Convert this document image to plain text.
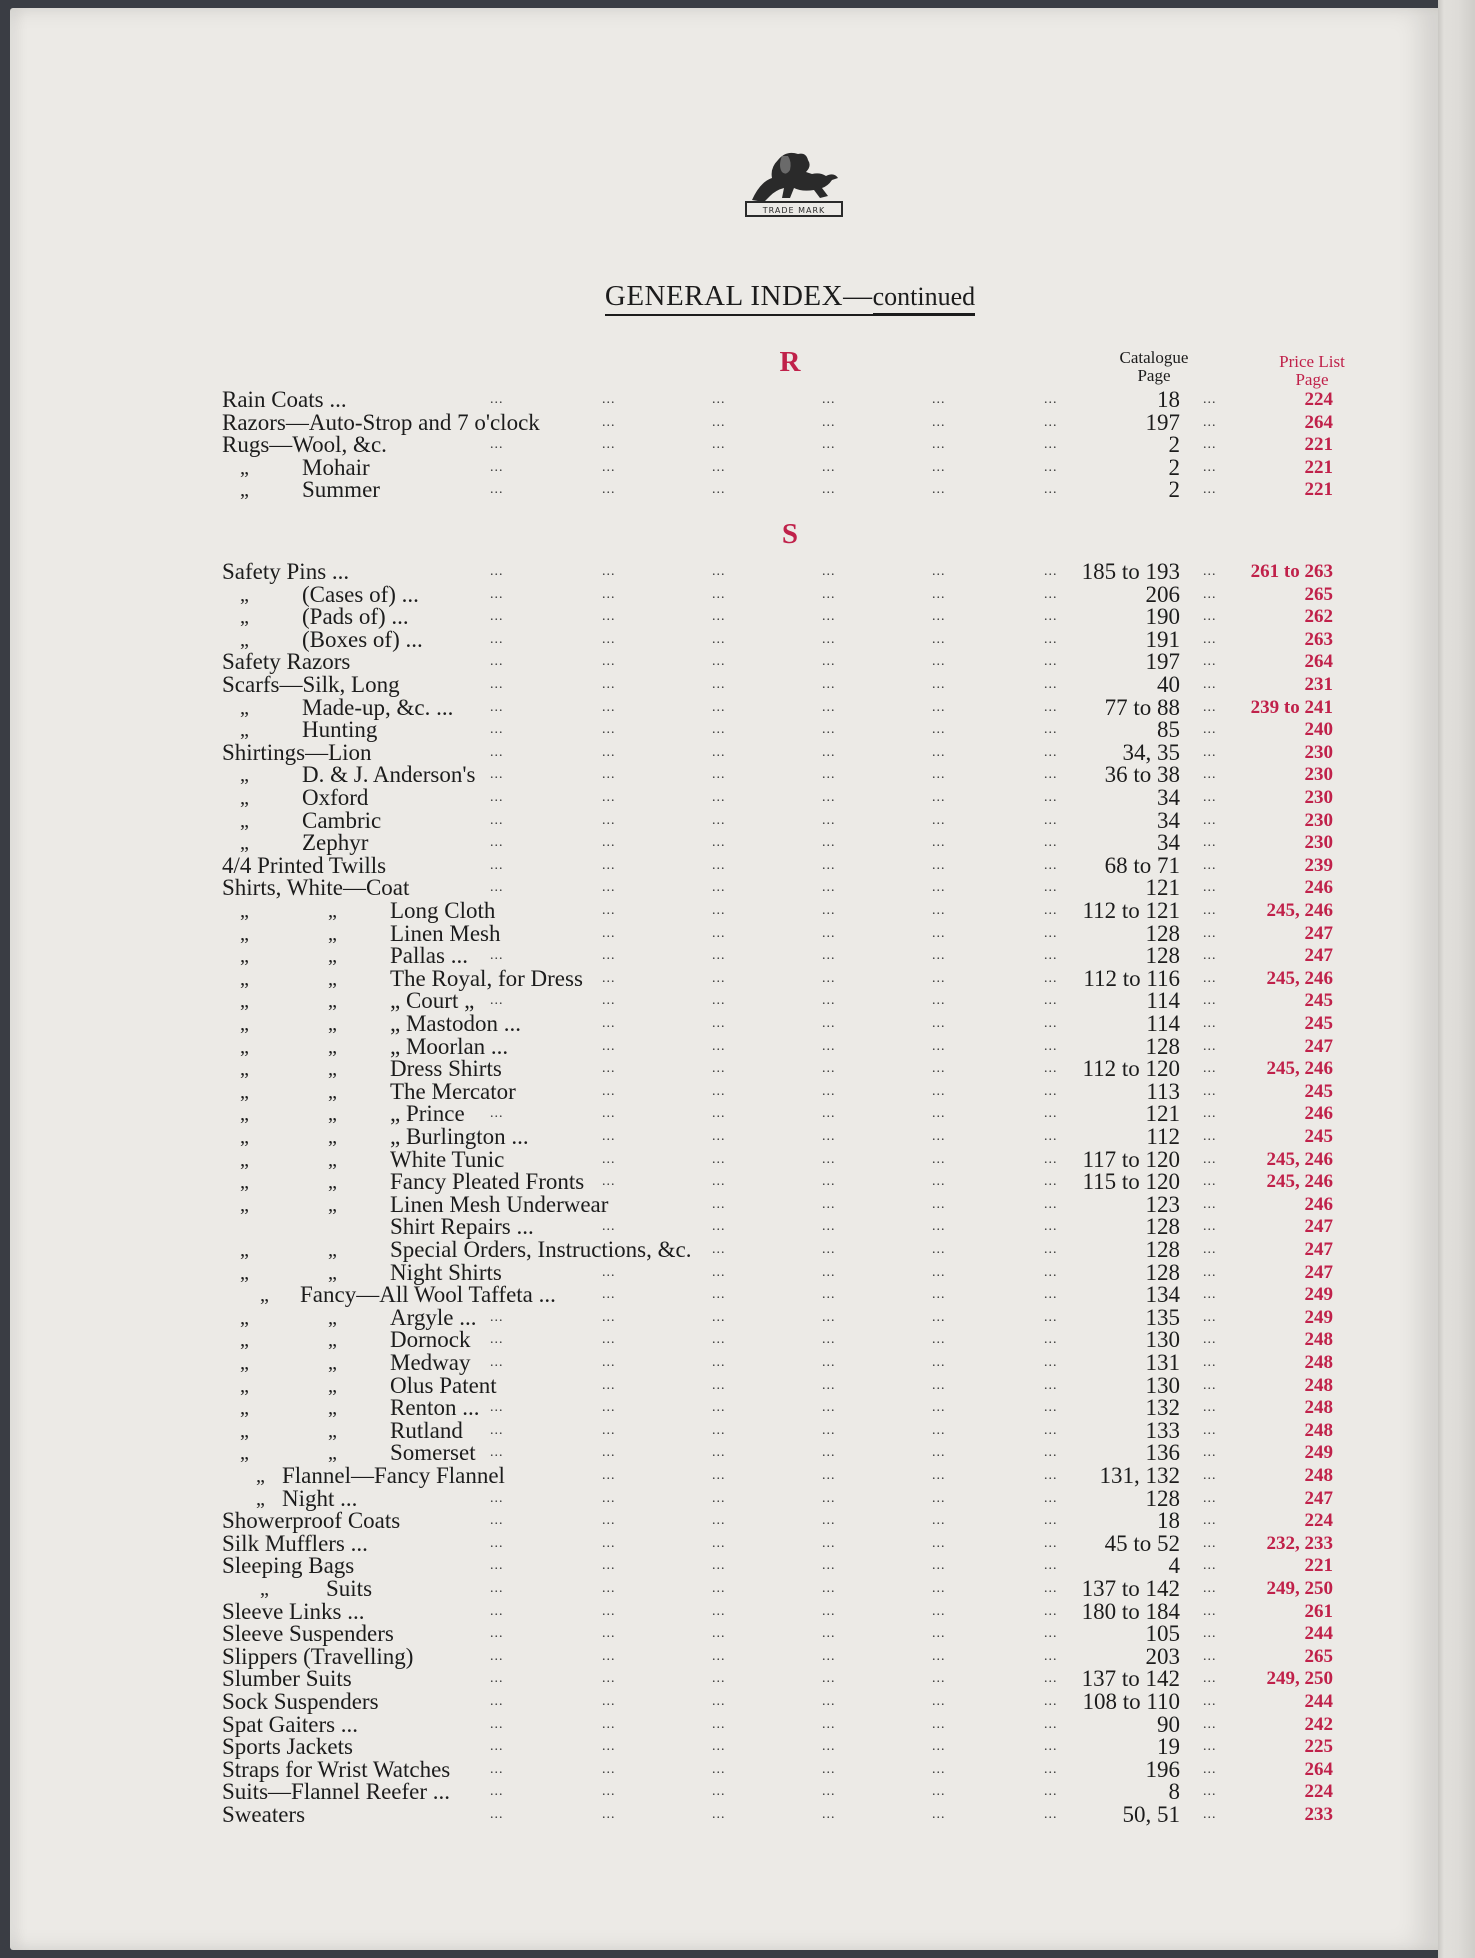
TRADE MARK
GENERAL INDEX—continued
Catalogue
Page
Price List
Page
R
Rain Coats ...	...	...	...	...	...	...	18 ...	224
Razors—Auto-Strop and 7 o'clock	...	...	...	...	...	197 ...	264
Rugs—Wool, &c.	...	...	...	...	...	...	2 ...	221
„ Mohair	...	...	...	...	...	...	2 ...	221
„ Summer	...	...	...	...	...	...	2 ...	221
S
Safety Pins ...	...	...	...	...	...	... 185 to 193 ... 261 to 263
„ (Cases of) ...	...	...	...	...	...	...	206 ...	265
„ (Pads of) ...	...	...	...	...	...	...	190 ...	262
„ (Boxes of) ...	...	...	...	...	...	...	191 ...	263
Safety Razors	...	...	...	...	...	...	197 ...	264
Scarfs—Silk, Long	...	...	...	...	...	...	40 ...	231
„ Made-up, &c. ...	...	...	...	...	...	... 77 to 88 ... 239 to 241
„ Hunting	...	...	...	...	...	...	85 ...	240
Shirtings—Lion	...	...	...	...	...	...	34, 35 ...	230
„ D. & J. Anderson's ...	...	...	...	...	... 36 to 38 ...	230
„ Oxford	...	...	...	...	...	...	34 ...	230
„ Cambric	...	...	...	...	...	...	34 ...	230
„ Zephyr	...	...	...	...	...	...	34 ...	230
4/4 Printed Twills	...	...	...	...	...	... 68 to 71 ...	239
Shirts, White—Coat	...	...	...	...	...	...	121 ...	246
„	„ Long Cloth	...	...	...	...	... 112 to 121 ...	245, 246
„	„ Linen Mesh	...	...	...	...	...	128 ...	247
„	„ Pallas ... ...	...	...	...	...	...	128 ...	247
„	„ The Royal, for Dress ...	...	...	...	... 112 to 116 ...	245, 246
„	„ „ Court „ ...	...	...	...	...	...	114 ...	245
„	„ „ Mastodon ...	...	...	...	...	...	114 ...	245
„	„ „ Moorlan ...	...	...	...	...	...	128 ...	247
„	„ Dress Shirts	...	...	...	...	... 112 to 120 ...	245, 246
„	„ The Mercator	...	...	...	...	...	113 ...	245
„	„ „ Prince ...	...	...	...	...	...	121 ...	246
„	„ „ Burlington ...	...	...	...	...	...	112 ...	245
„	„ White Tunic	...	...	...	...	... 117 to 120 ...	245, 246
„	„ Fancy Pleated Fronts ...	...	...	...	... 115 to 120 ...	245, 246
„	„ Linen Mesh Underwear	...	...	...	...	123 ...	246
Shirt Repairs ...	...	...	...	...	...	128 ...	247
„	„ Special Orders, Instructions, &c. ...	...	...	...	128 ...	247
„	„ Night Shirts	...	...	...	...	...	128 ...	247
„ Fancy—All Wool Taffeta ...	...	...	...	...	...	134 ...	249
„	„ Argyle ... ...	...	...	...	...	...	135 ...	249
„	„ Dornock ...	...	...	...	...	...	130 ...	248
„	„ Medway ...	...	...	...	...	...	131 ...	248
„	„ Olus Patent	...	...	...	...	...	130 ...	248
„	„ Renton ... ...	...	...	...	...	...	132 ...	248
„	„ Rutland ...	...	...	...	...	...	133 ...	248
„	„ Somerset ...	...	...	...	...	...	136 ...	249
„ Flannel—Fancy Flannel	...	...	...	...	... 131, 132 ...	248
„ Night ...	...	...	...	...	...	...	128 ...	247
Showerproof Coats	...	...	...	...	...	...	18 ...	224
Silk Mufflers ...	...	...	...	...	...	... 45 to 52 ...	232, 233
Sleeping Bags	...	...	...	...	...	...	4 ...	221
„ Suits	...	...	...	...	...	... 137 to 142 ...	249, 250
Sleeve Links ...	...	...	...	...	...	... 180 to 184 ...	261
Sleeve Suspenders	...	...	...	...	...	...	105 ...	244
Slippers (Travelling)	...	...	...	...	...	...	203 ...	265
Slumber Suits	...	...	...	...	...	... 137 to 142 ...	249, 250
Sock Suspenders	...	...	...	...	...	... 108 to 110 ...	244
Spat Gaiters ...	...	...	...	...	...	...	90 ...	242
Sports Jackets	...	...	...	...	...	...	19 ...	225
Straps for Wrist Watches	...	...	...	...	...	...	196 ...	264
Suits—Flannel Reefer ...	...	...	...	...	...	...	8 ...	224
Sweaters	...	...	...	...	...	...	50, 51 ...	233
